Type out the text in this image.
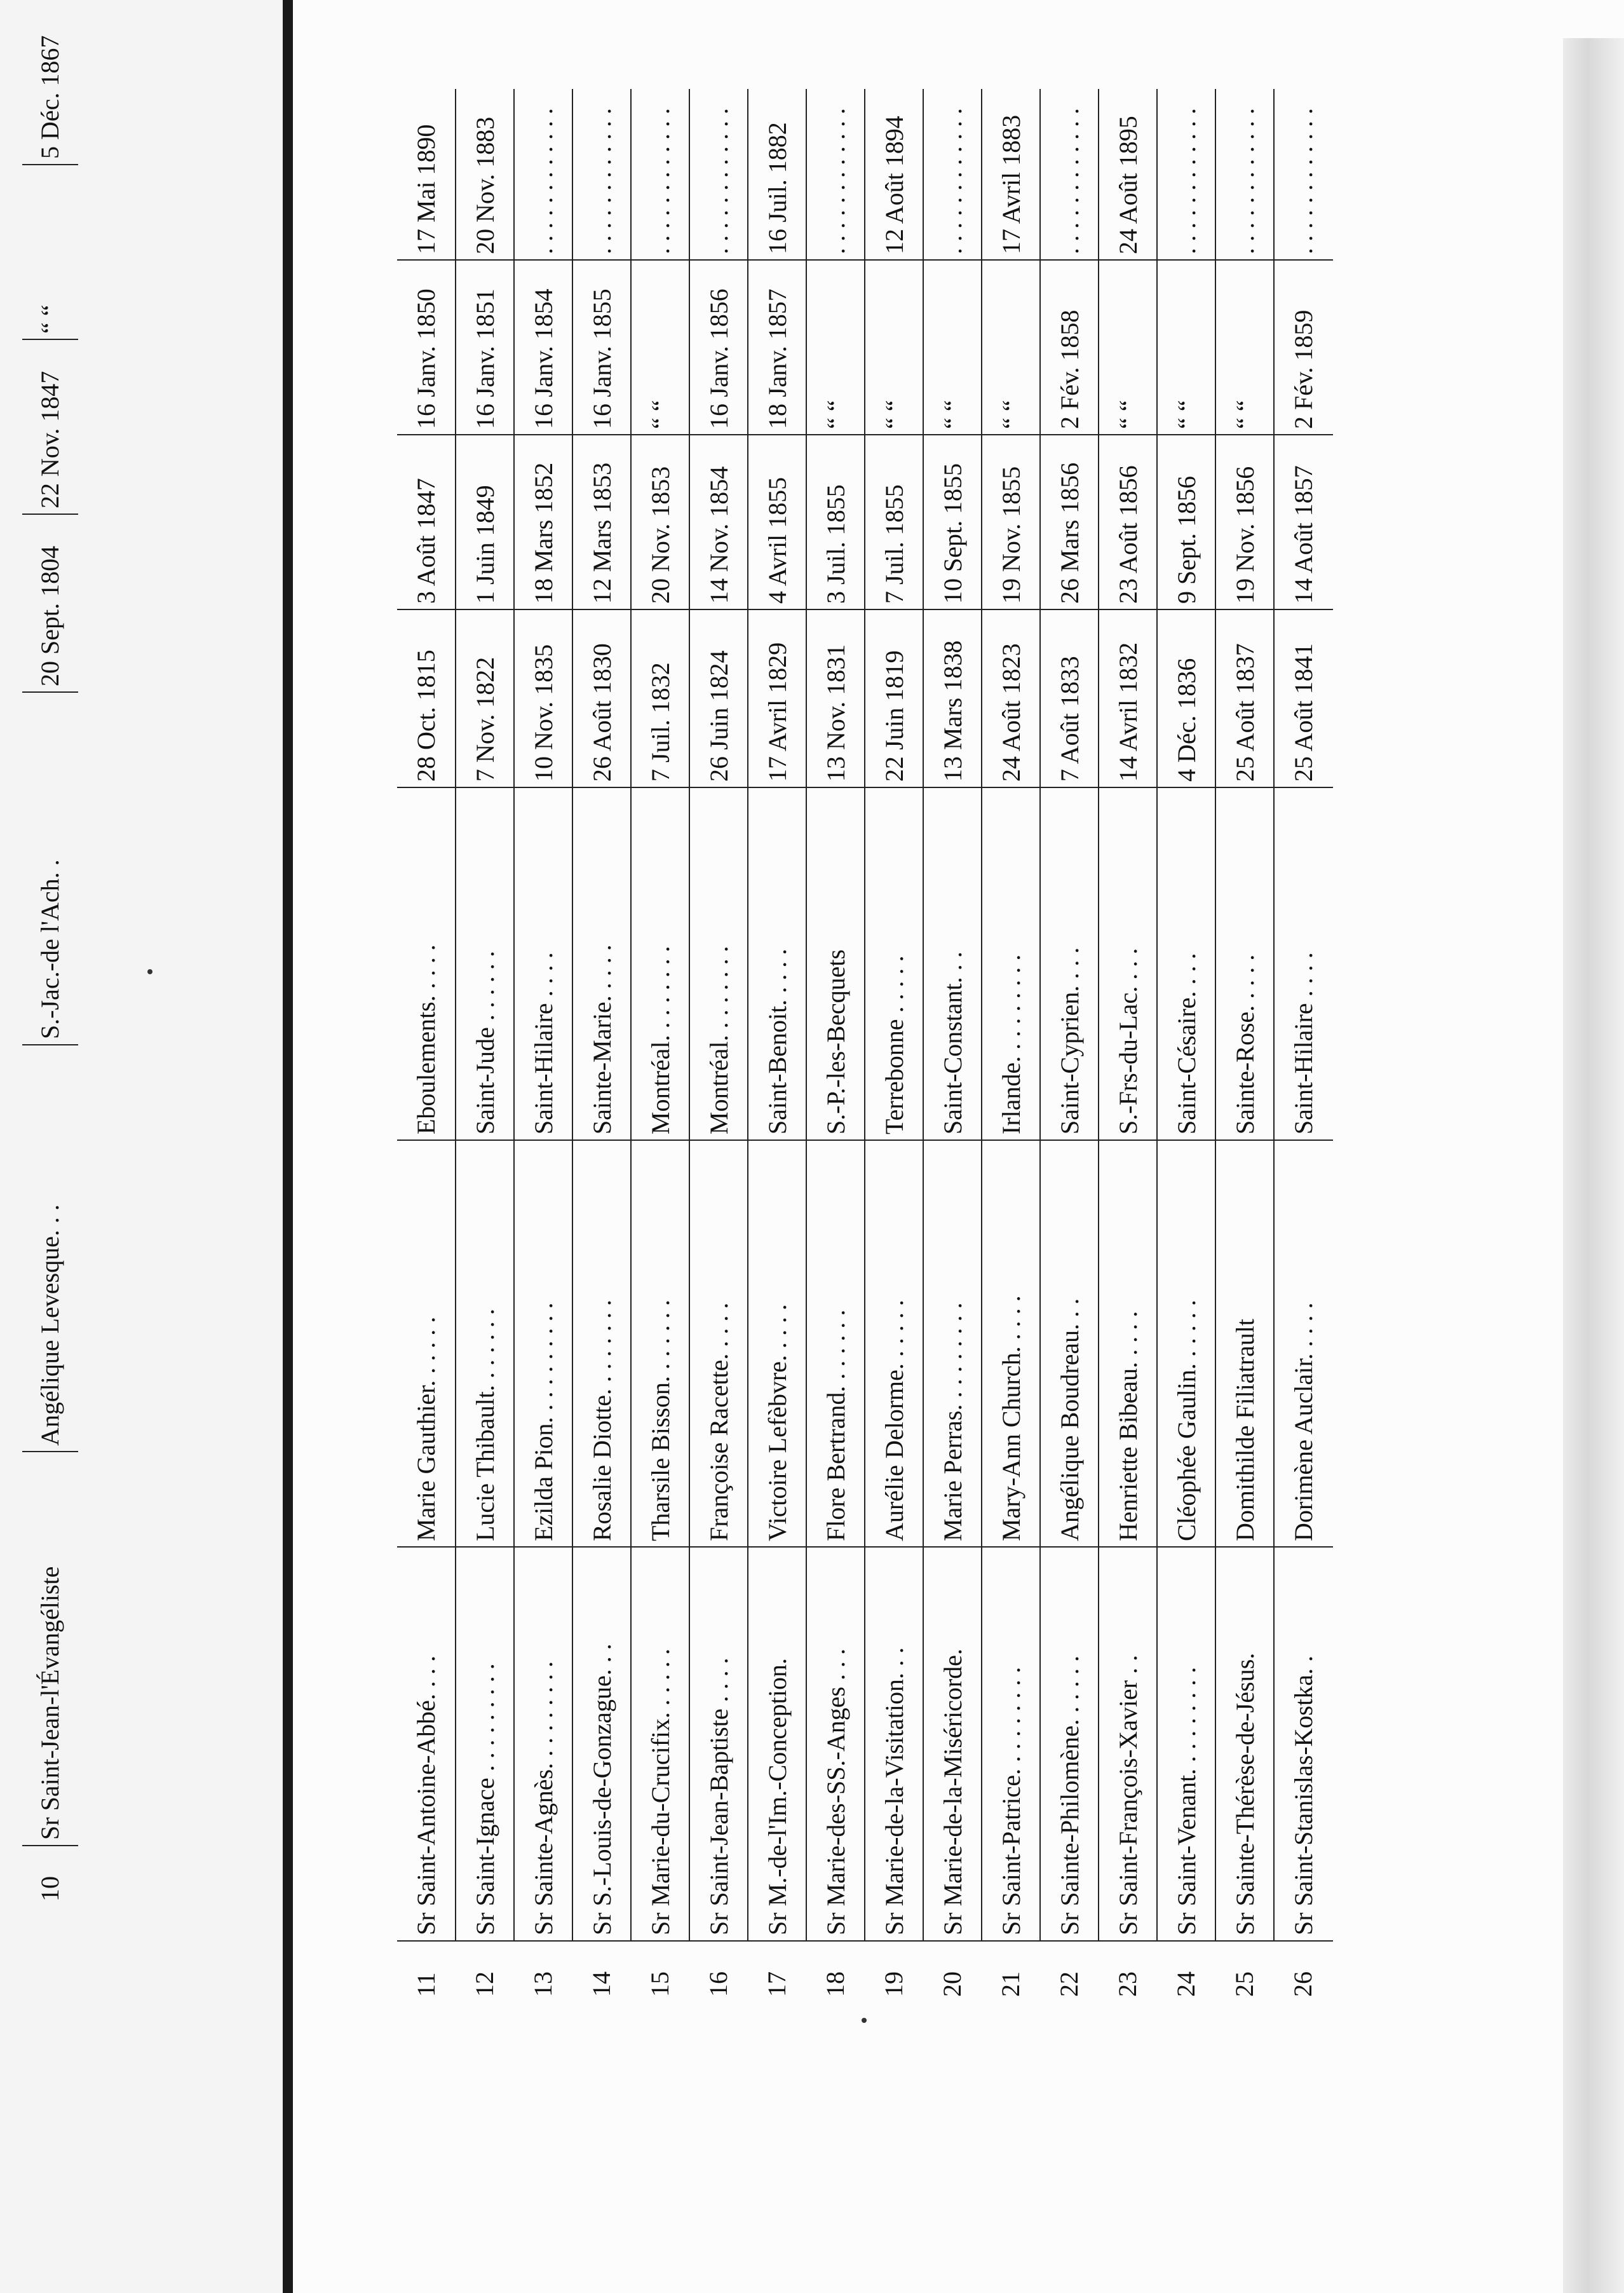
10
Sr Saint-Jean-l'Évangéliste
Angélique Levesque. . .
S.-Jac.-de l'Ach. .
20 Sept. 1804
22 Nov. 1847
“ “
5 Déc. 1867
11
Sr Saint-Antoine-Abbé. . . .
Marie Gauthier. . . . . .
Eboulements. . . . .
28 Oct. 1815
3 Août 1847
16 Janv. 1850
17 Mai 1890
12
Sr Saint-Ignace . . . . . . . . .
Lucie Thibault. . . . . . .
Saint-Jude . . . . . .
7 Nov. 1822
1 Juin 1849
16 Janv. 1851
20 Nov. 1883
13
Sr Sainte-Agnès. . . . . . . . .
Ezilda Pion. . . . . . . . . .
Saint-Hilaire . . . .
10 Nov. 1835
18 Mars 1852
16 Janv. 1854
. . . . . . . . . . . .
14
Sr S.-Louis-de-Gonzague. . .
Rosalie Diotte. . . . . . . .
Sainte-Marie. . . . .
26 Août 1830
12 Mars 1853
16 Janv. 1855
. . . . . . . . . . . .
15
Sr Marie-du-Crucifix. . . . . .
Tharsile Bisson. . . . . . .
Montréal. . . . . . . .
7 Juil. 1832
20 Nov. 1853
“ “
. . . . . . . . . . . .
16
Sr Saint-Jean-Baptiste . . . .
Françoise Racette. . . . .
Montréal. . . . . . . .
26 Juin 1824
14 Nov. 1854
16 Janv. 1856
. . . . . . . . . . . .
17
Sr M.-de-l'Im.-Conception.
Victoire Lefèbvre. . . . .
Saint-Benoit. . . . .
17 Avril 1829
4 Avril 1855
18 Janv. 1857
16 Juil. 1882
18
Sr Marie-des-SS.-Anges . . .
Flore Bertrand. . . . . . .
S.-P.-les-Becquets
13 Nov. 1831
3 Juil. 1855
“ “
. . . . . . . . . . . .
19
Sr Marie-de-la-Visitation. . .
Aurélie Delorme. . . . . .
Terrebonne . . . . .
22 Juin 1819
7 Juil. 1855
“ “
12 Août 1894
20
Sr Marie-de-la-Miséricorde.
Marie Perras. . . . . . . . .
Saint-Constant. . .
13 Mars 1838
10 Sept. 1855
“ “
. . . . . . . . . . . .
21
Sr Saint-Patrice. . . . . . . . .
Mary-Ann Church. . . . .
Irlande. . . . . . . . .
24 Août 1823
19 Nov. 1855
“ “
17 Avril 1883
22
Sr Sainte-Philomène. . . . . .
Angélique Boudreau. . .
Saint-Cyprien. . . .
7 Août 1833
26 Mars 1856
2 Fév. 1858
. . . . . . . . . . . .
23
Sr Saint-François-Xavier . .
Henriette Bibeau. . . . .
S.-Frs-du-Lac. . . .
14 Avril 1832
23 Août 1856
“ “
24 Août 1895
24
Sr Saint-Venant. . . . . . . . .
Cléophée Gaulin. . . . . .
Saint-Césaire. . . .
4 Déc. 1836
9 Sept. 1856
“ “
. . . . . . . . . . . .
25
Sr Sainte-Thérèse-de-Jésus.
Domithilde Filiatrault
Sainte-Rose. . . . .
25 Août 1837
19 Nov. 1856
“ “
. . . . . . . . . . . .
26
Sr Saint-Stanislas-Kostka. .
Dorimène Auclair. . . . .
Saint-Hilaire . . . .
25 Août 1841
14 Août 1857
2 Fév. 1859
. . . . . . . . . . . .
